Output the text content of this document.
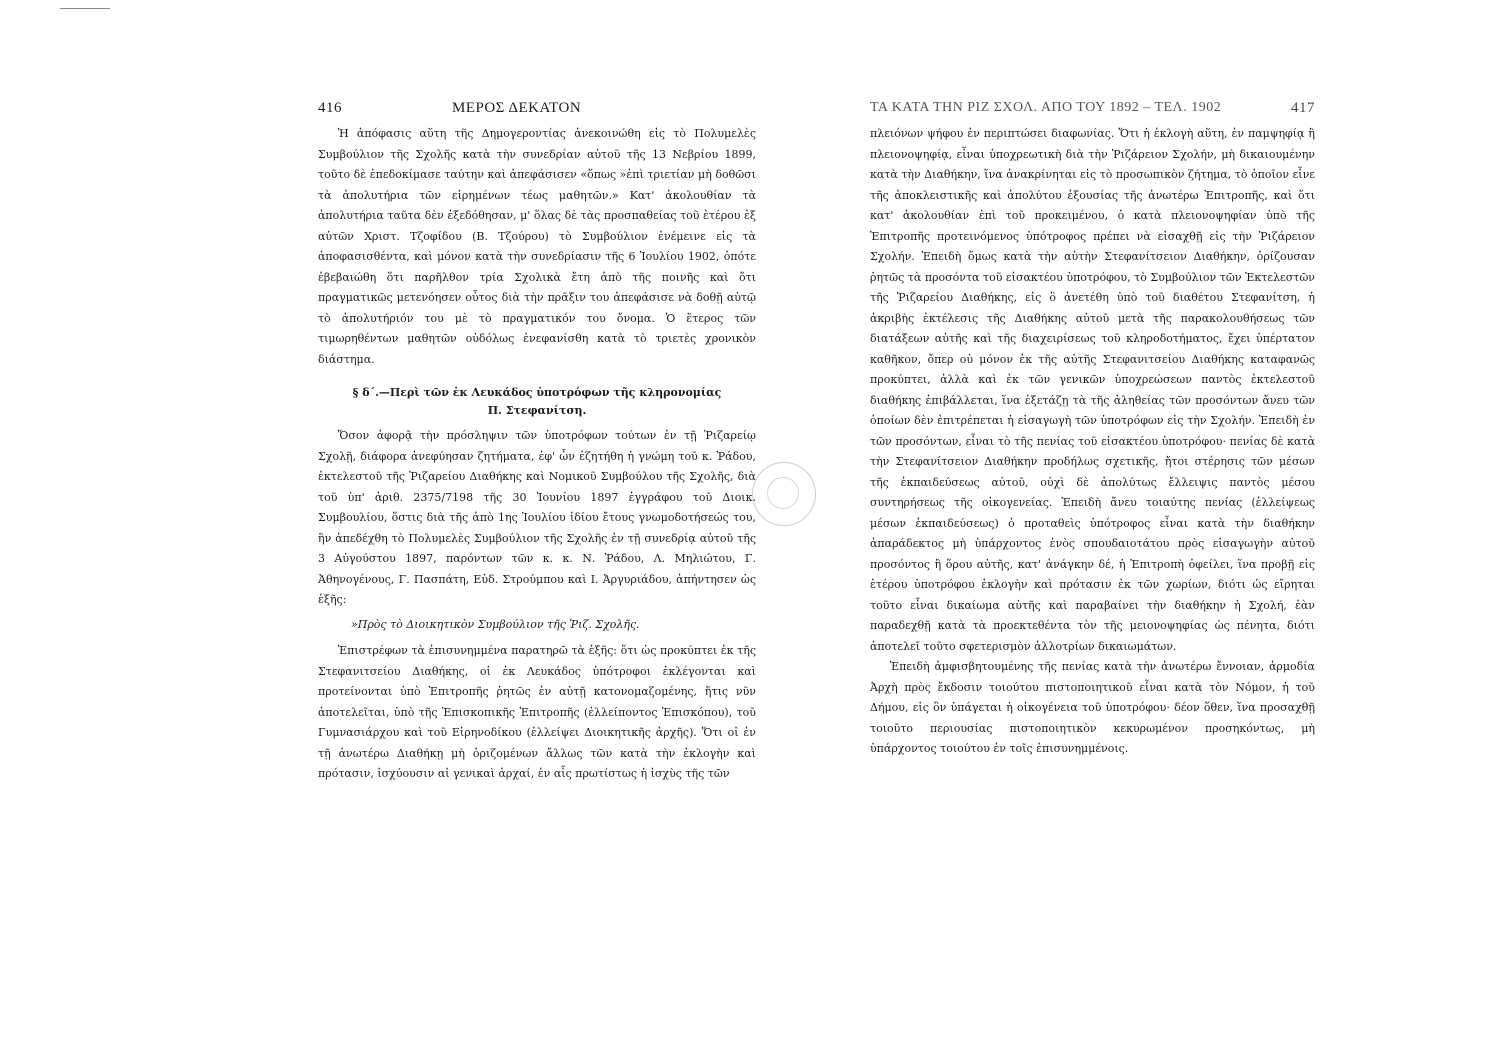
416	ΜΕΡΟΣ ΔΕΚΑΤΟΝ

Ἡ ἀπόφασις αὕτη τῆς Δημογεροντίας ἀνεκοινώθη εἰς τὸ Πολυμελὲς Συμβούλιον τῆς Σχολῆς κατὰ τὴν συνεδρίαν αὐτοῦ τῆς 13 Νεβρίου 1899, τοῦτο δὲ ἐπεδοκίμασε ταύτην καὶ ἀπεφάσισεν «ὅπως »ἐπὶ τριετίαν μὴ δοθῶσι τὰ ἀπολυτήρια τῶν εἰρημένων τέως μαθητῶν.» Κατ' ἀκολουθίαν τὰ ἀπολυτήρια ταῦτα δὲν ἐξεδόθησαν, μ' ὅλας δὲ τὰς προσπαθείας τοῦ ἑτέρου ἐξ αὐτῶν Χριστ. Τζοφίδου (Β. Τζούρου) τὸ Συμβούλιον ἐνέμεινε εἰς τὰ ἀποφασισθέντα, καὶ μόνον κατὰ τὴν συνεδρίασιν τῆς 6 Ἰουλίου 1902, ὁπότε ἐβεβαιώθη ὅτι παρῆλθον τρία Σχολικὰ ἔτη ἀπὸ τῆς ποινῆς καὶ ὅτι πραγματικῶς μετενόησεν οὗτος διὰ τὴν πρᾶξιν του ἀπεφάσισε νὰ δοθῇ αὐτῷ τὸ ἀπολυτήριόν του μὲ τὸ πραγματικόν του ὄνομα. Ὁ ἕτερος τῶν τιμωρηθέντων μαθητῶν οὐδόλως ἐνεφανίσθη κατὰ τὸ τριετὲς χρονικὸν διάστημα.

§ δ΄.—Περὶ τῶν ἐκ Λευκάδος ὑποτρόφων τῆς κληρονομίας
Π. Στεφανίτση.

Ὅσον ἀφορᾷ τὴν πρόσληψιν τῶν ὑποτρόφων τούτων ἐν τῇ Ῥιζαρείῳ Σχολῇ, διάφορα ἀνεφύησαν ζητήματα, ἐφ' ὧν ἐζητήθη ἡ γνώμη τοῦ κ. Ῥάδου, ἐκτελεστοῦ τῆς Ῥιζαρείου Διαθήκης καὶ Νομικοῦ Συμβούλου τῆς Σχολῆς, διὰ τοῦ ὑπ' ἀριθ. 2375/7198 τῆς 30 Ἰουνίου 1897 ἐγγράφου τοῦ Διοικ. Συμβουλίου, ὅστις διὰ τῆς ἀπὸ 1ης Ἰουλίου ἰδίου ἔτους γνωμοδοτήσεώς του, ἣν ἀπεδέχθη τὸ Πολυμελὲς Συμβούλιον τῆς Σχολῆς ἐν τῇ συνεδρίᾳ αὐτοῦ τῆς 3 Αὐγούστου 1897, παρόντων τῶν κ. κ. Ν. Ῥάδου, Λ. Μηλιώτου, Γ. Ἀθηνογένους, Γ. Πασπάτη, Εὐδ. Στρούμπου καὶ Ι. Ἀργυριάδου, ἀπήντησεν ὡς ἑξῆς:

»Πρὸς τὸ Διοικητικὸν Συμβούλιον τῆς Ῥιζ. Σχολῆς.

Ἐπιστρέφων τὰ ἐπισυνημμένα παρατηρῶ τὰ ἑξῆς: ὅτι ὡς προκύπτει ἐκ τῆς Στεφανιτσείου Διαθήκης, οἱ ἐκ Λευκάδος ὑπότροφοι ἐκλέγονται καὶ προτείνονται ὑπὸ Ἐπιτροπῆς ῥητῶς ἐν αὐτῇ κατονομαζομένης, ἥτις νῦν ἀποτελεῖται, ὑπὸ τῆς Ἐπισκοπικῆς Ἐπιτροπῆς (ἐλλείποντος Ἐπισκόπου), τοῦ Γυμνασιάρχου καὶ τοῦ Εἰρηνοδίκου (ἐλλείψει Διοικητικῆς ἀρχῆς). Ὅτι οἱ ἐν τῇ ἀνωτέρω Διαθήκῃ μὴ ὁριζομένων ἄλλως τῶν κατὰ τὴν ἐκλογὴν καὶ πρότασιν, ἰσχύουσιν αἱ γενικαὶ ἀρχαί, ἐν αἷς πρωτίστως ἡ ἰσχὺς τῆς τῶν

ΤΑ ΚΑΤΑ ΤΗΝ ΡΙΖ ΣΧΟΛ. ΑΠΟ ΤΟΥ 1892 – ΤΕΛ. 1902	417

πλειόνων ψήφου ἐν περιπτώσει διαφωνίας. Ὅτι ἡ ἐκλογὴ αὕτη, ἐν παμψηφίᾳ ἢ πλειονοψηφίᾳ, εἶναι ὑποχρεωτικὴ διὰ τὴν Ῥιζάρειον Σχολήν, μὴ δικαιουμένην κατὰ τὴν Διαθήκην, ἵνα ἀνακρίνηται εἰς τὸ προσωπικὸν ζήτημα, τὸ ὁποῖον εἶνε τῆς ἀποκλειστικῆς καὶ ἀπολύτου ἐξουσίας τῆς ἀνωτέρω Ἐπιτροπῆς, καὶ ὅτι κατ' ἀκολουθίαν ἐπὶ τοῦ προκειμένου, ὁ κατὰ πλειονοψηφίαν ὑπὸ τῆς Ἐπιτροπῆς προτεινόμενος ὑπότροφος πρέπει νὰ εἰσαχθῇ εἰς τὴν Ῥιζάρειον Σχολήν. Ἐπειδὴ ὅμως κατὰ τὴν αὐτὴν Στεφανίτσειον Διαθήκην, ὁρίζουσαν ῥητῶς τὰ προσόντα τοῦ εἰσακτέου ὑποτρόφου, τὸ Συμβούλιον τῶν Ἐκτελεστῶν τῆς Ῥιζαρείου Διαθήκης, εἰς ὃ ἀνετέθη ὑπὸ τοῦ διαθέτου Στεφανίτση, ἡ ἀκριβὴς ἐκτέλεσις τῆς Διαθήκης αὐτοῦ μετὰ τῆς παρακολουθήσεως τῶν διατάξεων αὐτῆς καὶ τῆς διαχειρίσεως τοῦ κληροδοτήματος, ἔχει ὑπέρτατον καθῆκον, ὄπερ οὐ μόνον ἐκ τῆς αὐτῆς Στεφανιτσείου Διαθήκης καταφανῶς προκύπτει, ἀλλὰ καὶ ἐκ τῶν γενικῶν ὑποχρεώσεων παντὸς ἐκτελεστοῦ διαθήκης ἐπιβάλλεται, ἵνα ἐξετάζῃ τὰ τῆς ἀληθείας τῶν προσόντων ἄνευ τῶν ὁποίων δὲν ἐπιτρέπεται ἡ εἰσαγωγὴ τῶν ὑποτρόφων εἰς τὴν Σχολήν. Ἐπειδὴ ἐν τῶν προσόντων, εἶναι τὸ τῆς πενίας τοῦ εἰσακτέου ὑποτρόφου· πενίας δὲ κατὰ τὴν Στεφανίτσειον Διαθήκην προδήλως σχετικῆς, ἤτοι στέρησις τῶν μέσων τῆς ἐκπαιδεύσεως αὐτοῦ, οὐχὶ δὲ ἀπολύτως ἔλλειψις παντὸς μέσου συντηρήσεως τῆς οἰκογενείας. Ἐπειδὴ ἄνευ τοιαύτης πενίας (ἐλλείψεως μέσων ἐκπαιδεύσεως) ὁ προταθεὶς ὑπότροφος εἶναι κατὰ τὴν διαθήκην ἀπαράδεκτος μὴ ὑπάρχοντος ἑνὸς σπουδαιοτάτου πρὸς εἰσαγωγὴν αὐτοῦ προσόντος ἢ ὅρου αὐτῆς, κατ' ἀνάγκην δέ, ἡ Ἐπιτροπὴ ὀφείλει, ἵνα προβῇ εἰς ἑτέρου ὑποτρόφου ἐκλογὴν καὶ πρότασιν ἐκ τῶν χωρίων, διότι ὡς εἴρηται τοῦτο εἶναι δικαίωμα αὐτῆς καὶ παραβαίνει τὴν διαθήκην ἡ Σχολή, ἐὰν παραδεχθῇ κατὰ τὰ προεκτεθέντα τὸν τῆς μειονοψηφίας ὡς πένητα, διότι ἀποτελεῖ τοῦτο σφετερισμὸν ἀλλοτρίων δικαιωμάτων.

Ἐπειδὴ ἀμφισβητουμένης τῆς πενίας κατὰ τὴν ἀνωτέρω ἔννοιαν, ἁρμοδία Ἀρχὴ πρὸς ἔκδοσιν τοιούτου πιστοποιητικοῦ εἶναι κατὰ τὸν Νόμον, ἡ τοῦ Δήμου, εἰς ὃν ὑπάγεται ἡ οἰκογένεια τοῦ ὑποτρόφου· δέον ὅθεν, ἵνα προσαχθῇ τοιοῦτο περιουσίας πιστοποιητικὸν κεκυρωμένον προσηκόντως, μὴ ὑπάρχοντος τοιούτου ἐν τοῖς ἐπισυνημμένοις.
